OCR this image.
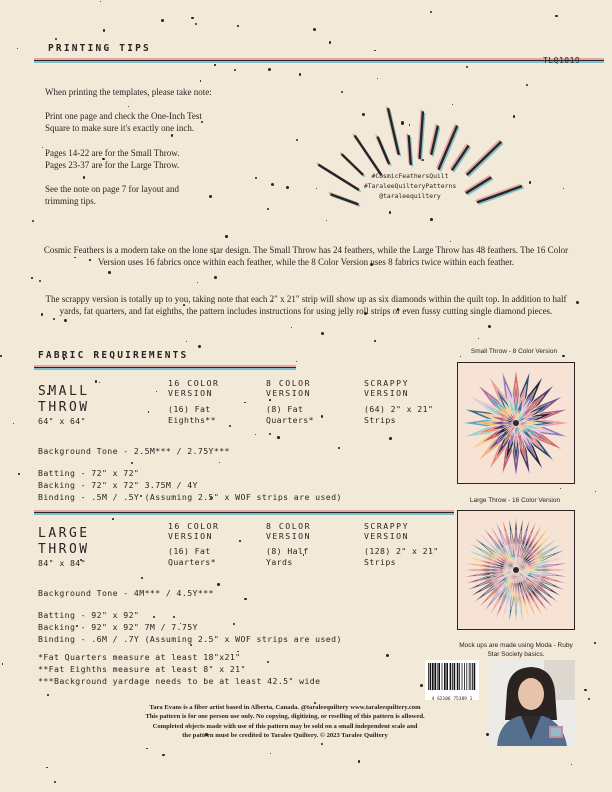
PRINTING TIPS
TLQ1019
When printing the templates, please take note:
Print one page and check the One-Inch Test
Square to make sure it's exactly one inch.
Pages 14-22 are for the Small Throw.
Pages 23-37 are for the Large Throw.
See the note on page 7 for layout and
trimming tips.
#CosmicFeathersQuilt
#TaraleeQuilteryPatterns
@taraleequiltery
Cosmic Feathers is a modern take on the lone star design. The Small Throw has 24 feathers, while the Large Throw has 48 feathers. The 16 Color Version uses 16 fabrics once within each feather, while the 8 Color Version uses 8 fabrics twice within each feather.
The scrappy version is totally up to you, taking note that each 2" x 21" strip will show up as six diamonds within the quilt top. In addition to half yards, fat quarters, and fat eighths, the pattern includes instructions for using jelly roll strips or even fussy cutting single diamond pieces.
FABRIC REQUIREMENTS
SMALL
THROW
64" x 64"
16 COLOR
VERSION
(16) Fat
Eighths**
8 COLOR
VERSION
(8) Fat
Quarters*
SCRAPPY
VERSION
(64) 2" x 21"
Strips
Background Tone - 2.5M*** / 2.75Y***
Batting - 72" x 72"
Backing - 72" x 72" 3.75M / 4Y
Binding - .5M / .5Y (Assuming 2.5" x WOF strips are used)
LARGE
THROW
84" x 84"
16 COLOR
VERSION
(16) Fat
Quarters*
8 COLOR
VERSION
(8) Half
Yards
SCRAPPY
VERSION
(128) 2" x 21"
Strips
Background Tone - 4M*** / 4.5Y***
Batting - 92" x 92"
Backing - 92" x 92" 7M / 7.75Y
Binding - .6M / .7Y (Assuming 2.5" x WOF strips are used)
*Fat Quarters measure at least 18"x21"
**Fat Eighths measure at least 8" x 21"
***Background yardage needs to be at least 42.5" wide
Small Throw - 8 Color Version
Large Throw - 16 Color Version
Mock ups are made using Moda - Ruby Star Society basics.
4 62106 75389 1
Tara Evans is a fiber artist based in Alberta, Canada. @taraleequiltery www.taraleequiltery.com
This pattern is for one person use only. No copying, digitizing, or reselling of this pattern is allowed.
Completed objects made with use of this pattern may be sold on a small independent scale and
the pattern must be credited to Taralee Quiltery. © 2023 Taralee Quiltery
